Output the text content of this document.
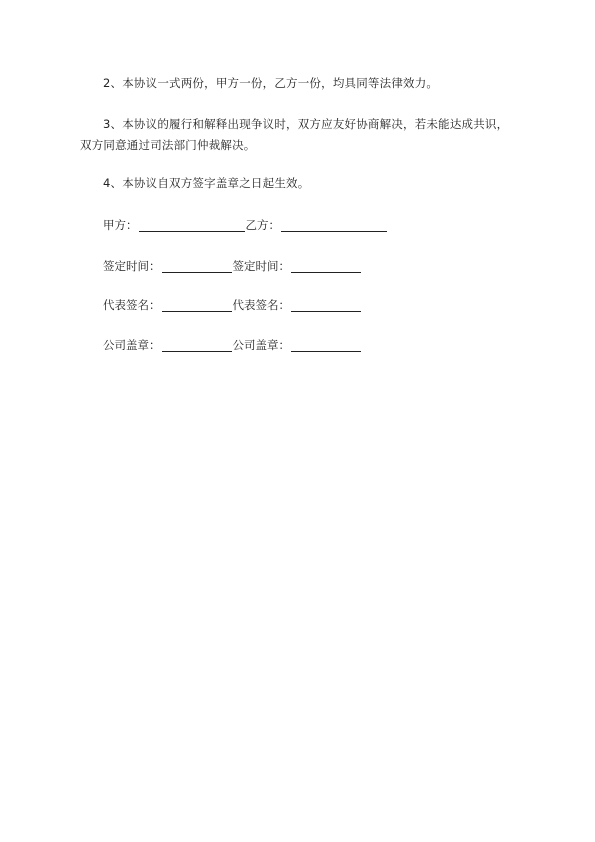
2、本协议一式两份，甲方一份，乙方一份，均具同等法律效力。
3、本协议的履行和解释出现争议时，双方应友好协商解决，若未能达成共识，
双方同意通过司法部门仲裁解决。
4、本协议自双方签字盖章之日起生效。
甲方：	乙方：
签定时间：	签定时间：
代表签名：	代表签名：
公司盖章：	公司盖章：
